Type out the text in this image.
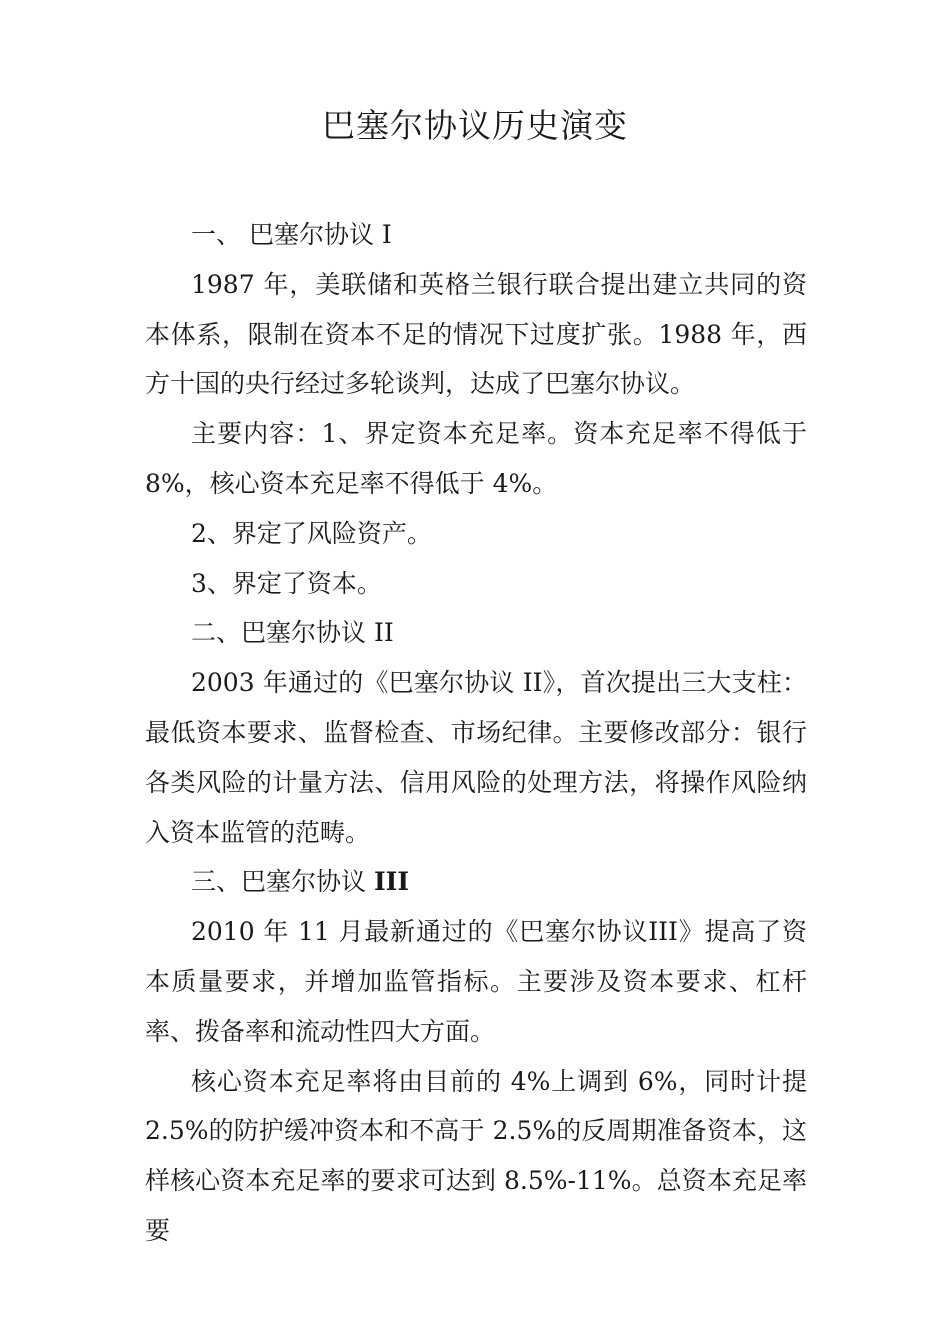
巴塞尔协议历史演变

一、 巴塞尔协议 I

1987 年，美联储和英格兰银行联合提出建立共同的资本体系，限制在资本不足的情况下过度扩张。1988 年，西方十国的央行经过多轮谈判，达成了巴塞尔协议。

主要内容：1、界定资本充足率。资本充足率不得低于 8%，核心资本充足率不得低于 4%。

2、界定了风险资产。

3、界定了资本。

二、巴塞尔协议 II

2003 年通过的《巴塞尔协议 II》，首次提出三大支柱：最低资本要求、监督检查、市场纪律。主要修改部分：银行各类风险的计量方法、信用风险的处理方法，将操作风险纳入资本监管的范畴。

三、巴塞尔协议 III

2010 年 11 月最新通过的《巴塞尔协议III》提高了资本质量要求，并增加监管指标。主要涉及资本要求、杠杆率、拨备率和流动性四大方面。

核心资本充足率将由目前的 4%上调到 6%，同时计提 2.5%的防护缓冲资本和不高于 2.5%的反周期准备资本，这样核心资本充足率的要求可达到 8.5%-11%。总资本充足率要
